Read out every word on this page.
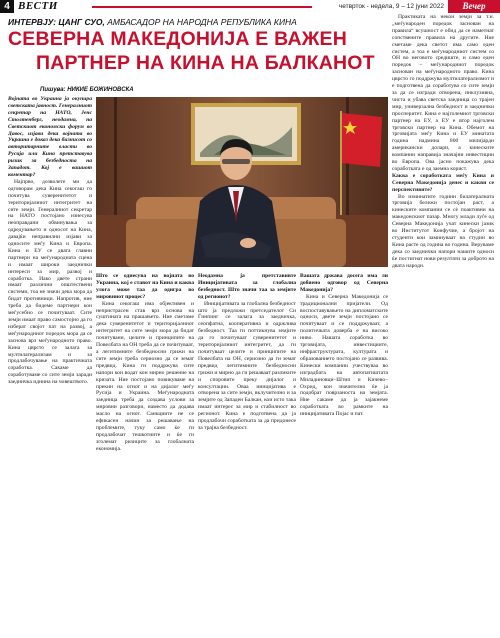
4 ВЕСТИ	четврток - недела, 9 – 12 јуни 2022	Вечер
ИНТЕРВЈУ: ЦАНГ СУО, АМБАСАДОР НА НАРОДНА РЕПУБЛИКА КИНА
СЕВЕРНА МАКЕДОНИЈА Е ВАЖЕН
ПАРТНЕР НА КИНА НА БАЛКАНОТ
Пишува: НИКИЕ БОЖИНОВСКА

Војната во Украина ја окупира светската јавност. Генералниот секретар на НАТО, Јенс Столтенберг, неодамна, на Светскиот економски форум во Давос, изјави дека војната во Украина е доказ дека бизнисот со авторитарните власти во Русија или Кина претставува ризик за безбедноста на Западот. Кој е вашиот коментар?

Најпрво, дозволете ми да одговорам дека Кина секогаш го почитува суверенитетот и територијалниот интегритет на сите земји. Генералниот секретар на НАТО постојано изнесува неоправдани обвинувања за одредувањето и односот на Кина, давајќи неправилни изјави за односите меѓу Кина и Европа. Кина и ЕУ се двата главни партнери на меѓународната сцена и имаат широки заеднички интереси за мир, развој и соработка. Иако двете страни имаат различни општествени системи, тоа не значи дека мора да бидат противници. Напротив, ние треба да бидеме партнери кои меѓусебно се почитуваат. Сите земји имаат право самостојно да го изберат својот пат на развој, а меѓународниот поредок мора да се заснова врз меѓународното право. Кина цврсто се залага за мултилатерализам и за продлабочување на практичната соработка. Сакаме да соработуваме со сите земји заради заедничка иднина на човештвото.

Што се однесува на војната во Украина, кој е ставот на Кина и каква улога може таа да одигра во мировниот процес?

Кина секогаш има објективен и непристрасен став врз основа на суштината на прашањето. Ние сметаме дека суверенитетот и територијалниот интегритет на сите земји мора да бидат почитувани, целите и принципите на Повелбата на ОН треба да се почитуваат, а легитимните безбедносни грижи на сите земји треба сериозно да се земат предвид. Кина ги поддржува сите напори кои водат кон мирно решение на кризата. Ние постојано повикуваме на прекин на огнот и на дијалог меѓу Русија и Украина. Меѓународната заедница треба да создава услови за мировни разговори, наместо да додава масло на огнот. Санкциите не се ефикасен начин за решавање на проблемите, туку само ќе ги продлабочат тешкотиите и ќе ги зголемат ризиците за глобалната економија.

Неодамна ја претставивте Иницијативата за глобална безбедност. Што значи таа за земјите од регионот?

Иницијативата за глобална безбедност што ја предложи претседателот Си Ѓинпинг се залага за заедничка, сеопфатна, кооперативна и одржлива безбедност. Таа ги поттикнува земјите да го почитуваат суверенитетот и територијалниот интегритет, да ги почитуваат целите и принципите на Повелбата на ОН, сериозно да ги земат предвид легитимните безбедносни грижи и мирно да ги решаваат разликите и споровите преку дијалог и консултации. Оваа иницијатива е отворена за сите земји, вклучително и за земјите од Западен Балкан, кои исто така имаат интерес за мир и стабилност во регионот. Кина е подготвена да ја продлабочи соработката за да придонесе за трајна безбедност.

Вашата држава досега има ли добиено одговор од Северна Македонија?

Кина и Северна Македонија се традиционални пријатели. Од воспоставувањето на дипломатските односи, двете земји постојано се почитуваат и се поддржуваат, а политичката доверба е на високо ниво. Нашата соработка во трговијата, инвестициите, инфраструктурата, културата и образованието постојано се развива. Кинески компании учествуваа во изградбата на автопатиштата Миладиновци–Штип и Кичево–Охрид, кои значително ќе ја подобрат поврзаноста на земјата. Ние сакаме да ја зајакнеме соработката во рамките на иницијативата Појас и пат.

Практиката на некои земји за т.н. „меѓународен поредок заснован на правила“ всушност е обид да се наметнат сопствените правила на другите. Ние сметаме дека светот има само еден систем, а тоа е меѓународниот систем со ОН во неговото средиште, и само еден поредок – меѓународниот поредок заснован на меѓународното право. Кина цврсто го поддржува мултилатерализмот и е подготвена да соработува со сите земји за да се изгради отворена, инклузивна, чиста и убава светска заедница со трајен мир, универзална безбедност и заеднички просперитет. Кина е најголемиот трговски партнер на ЕУ, а ЕУ е втор најголем трговски партнер на Кина. Обемот на трговијата меѓу Кина и ЕУ минатата година надмина 800 милијарди американски долари, а кинеските компании направија значајни инвестиции во Европа. Ова јасно покажува дека соработката е од заемна корист.

Каква е соработката меѓу Кина и Северна Македонија денес и какви се перспективите?

Во изминатите години билатералната трговија бележи постојан раст, а кинеските компании се сè поактивни на македонскиот пазар. Многу млади луѓе од Северна Македонија учат кинески јазик во Институтот Конфучие, а бројот на студенти кои заминуваат на студии во Кина расте од година во година. Веруваме дека со заеднички напори нашите односи ќе постигнат нови резултати за доброто на двата народи.
